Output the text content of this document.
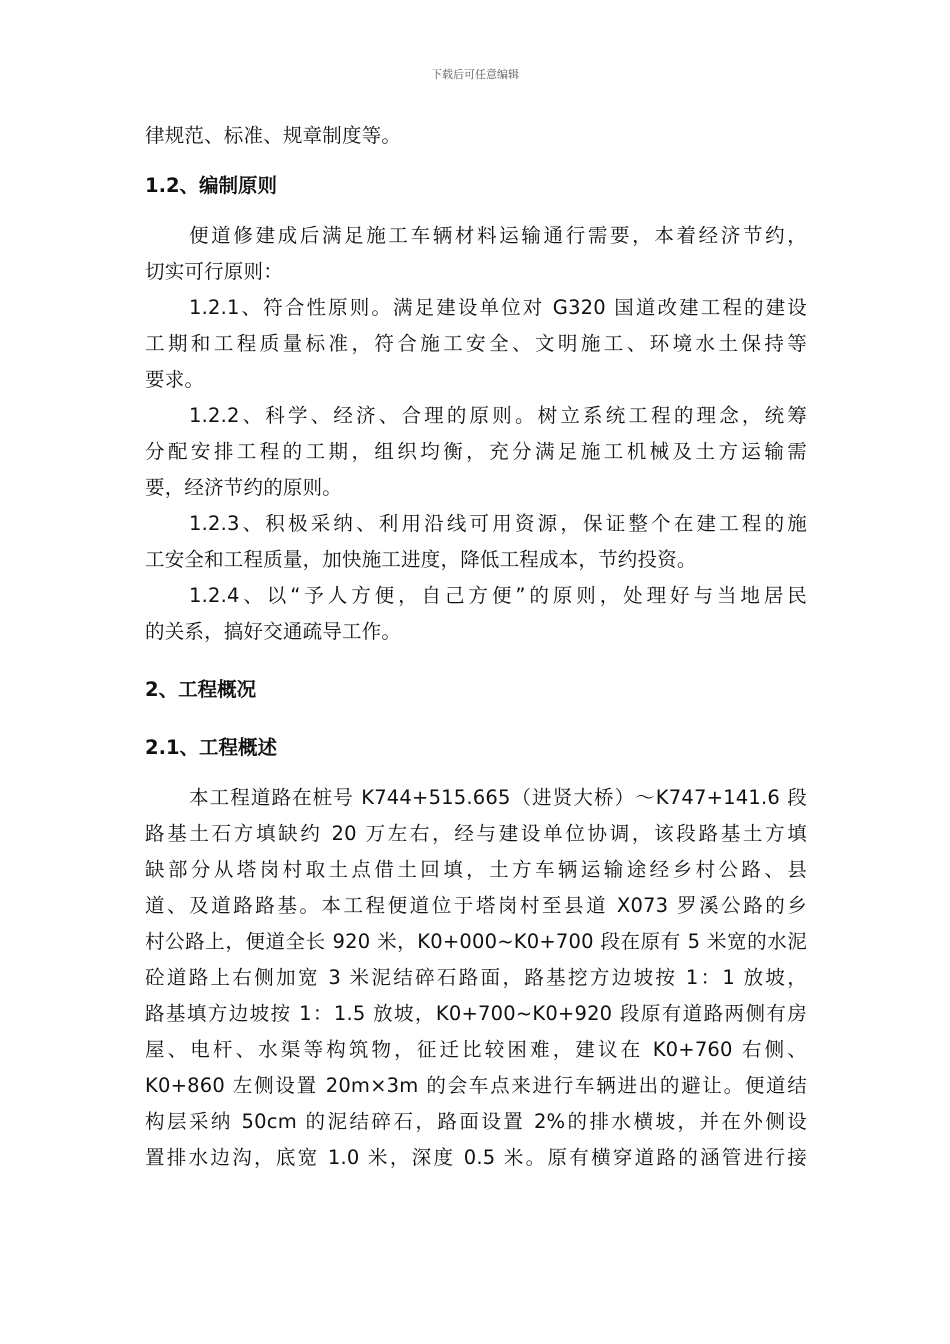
下载后可任意编辑
律规范、标准、规章制度等。
1.2、编制原则
便道修建成后满足施工车辆材料运输通行需要，本着经济节约，
切实可行原则：
1.2.1、符合性原则。满足建设单位对 G320 国道改建工程的建设
工期和工程质量标准，符合施工安全、文明施工、环境水土保持等
要求。
1.2.2、科学、经济、合理的原则。树立系统工程的理念，统筹
分配安排工程的工期，组织均衡，充分满足施工机械及土方运输需
要，经济节约的原则。
1.2.3、积极采纳、利用沿线可用资源，保证整个在建工程的施
工安全和工程质量，加快施工进度，降低工程成本，节约投资。
1.2.4、以“予人方便，自己方便”的原则，处理好与当地居民
的关系，搞好交通疏导工作。
2、工程概况
2.1、工程概述
本工程道路在桩号 K744+515.665（进贤大桥）～K747+141.6 段
路基土石方填缺约 20 万左右，经与建设单位协调，该段路基土方填
缺部分从塔岗村取土点借土回填，土方车辆运输途经乡村公路、县
道、及道路路基。本工程便道位于塔岗村至县道 X073 罗溪公路的乡
村公路上，便道全长 920 米，K0+000~K0+700 段在原有 5 米宽的水泥
砼道路上右侧加宽 3 米泥结碎石路面，路基挖方边坡按 1：1 放坡，
路基填方边坡按 1：1.5 放坡，K0+700~K0+920 段原有道路两侧有房
屋、电杆、水渠等构筑物，征迁比较困难，建议在 K0+760 右侧、
K0+860 左侧设置 20m×3m 的会车点来进行车辆进出的避让。便道结
构层采纳 50cm 的泥结碎石，路面设置 2%的排水横坡，并在外侧设
置排水边沟，底宽 1.0 米，深度 0.5 米。原有横穿道路的涵管进行接
